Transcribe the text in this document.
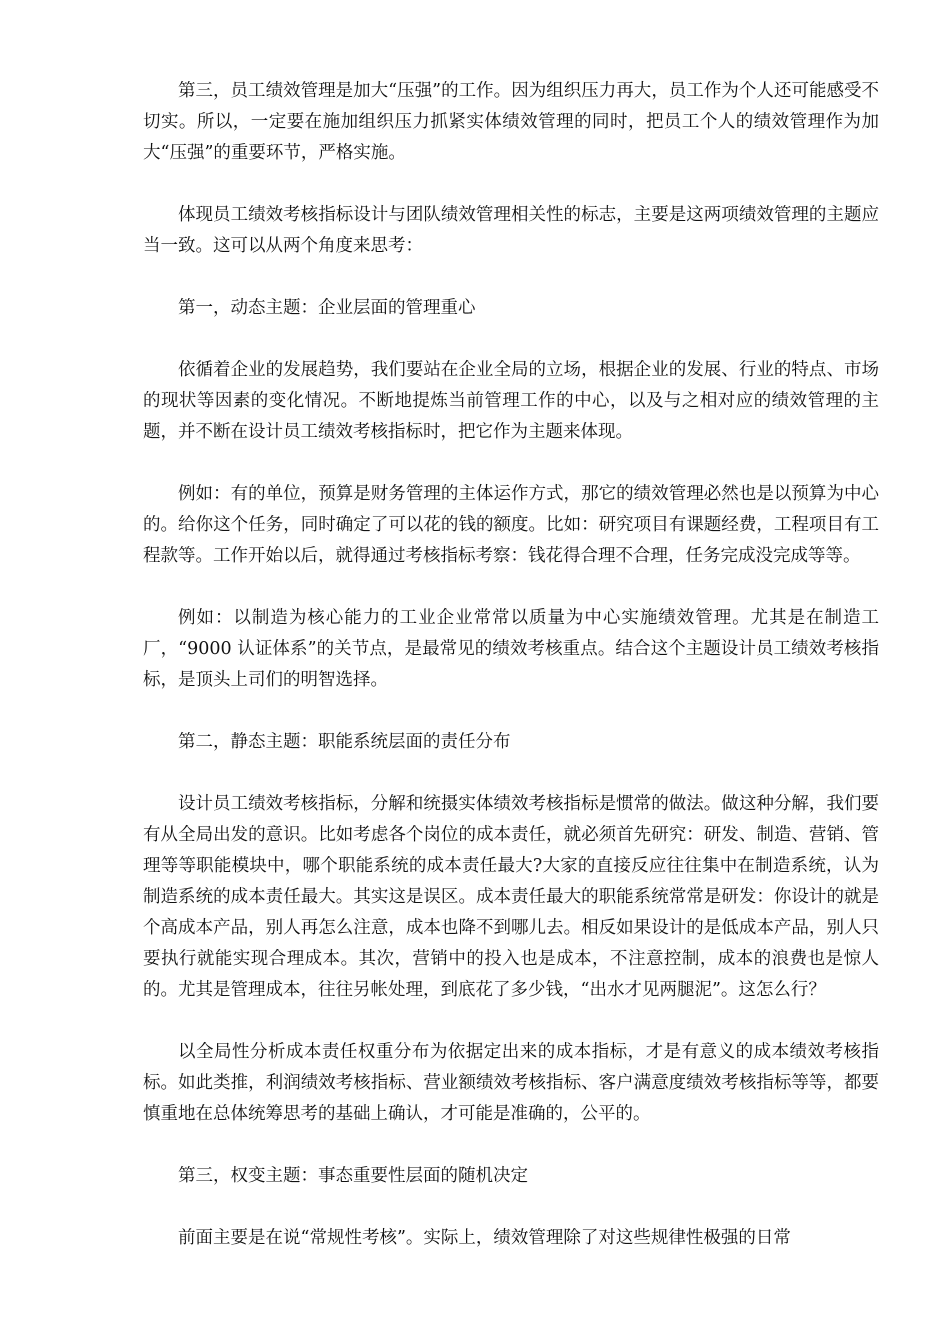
第三，员工绩效管理是加大“压强”的工作。因为组织压力再大，员工作为个人还可能感受不切实。所以，一定要在施加组织压力抓紧实体绩效管理的同时，把员工个人的绩效管理作为加大“压强”的重要环节，严格实施。

体现员工绩效考核指标设计与团队绩效管理相关性的标志，主要是这两项绩效管理的主题应当一致。这可以从两个角度来思考：

第一，动态主题：企业层面的管理重心

依循着企业的发展趋势，我们要站在企业全局的立场，根据企业的发展、行业的特点、市场的现状等因素的变化情况。不断地提炼当前管理工作的中心，以及与之相对应的绩效管理的主题，并不断在设计员工绩效考核指标时，把它作为主题来体现。

例如：有的单位，预算是财务管理的主体运作方式，那它的绩效管理必然也是以预算为中心的。给你这个任务，同时确定了可以花的钱的额度。比如：研究项目有课题经费，工程项目有工程款等。工作开始以后，就得通过考核指标考察：钱花得合理不合理，任务完成没完成等等。

例如：以制造为核心能力的工业企业常常以质量为中心实施绩效管理。尤其是在制造工厂，“9000 认证体系”的关节点，是最常见的绩效考核重点。结合这个主题设计员工绩效考核指标，是顶头上司们的明智选择。

第二，静态主题：职能系统层面的责任分布

设计员工绩效考核指标，分解和统摄实体绩效考核指标是惯常的做法。做这种分解，我们要有从全局出发的意识。比如考虑各个岗位的成本责任，就必须首先研究：研发、制造、营销、管理等等职能模块中，哪个职能系统的成本责任最大?大家的直接反应往往集中在制造系统，认为制造系统的成本责任最大。其实这是误区。成本责任最大的职能系统常常是研发：你设计的就是个高成本产品，别人再怎么注意，成本也降不到哪儿去。相反如果设计的是低成本产品，别人只要执行就能实现合理成本。其次，营销中的投入也是成本，不注意控制，成本的浪费也是惊人的。尤其是管理成本，往往另帐处理，到底花了多少钱，“出水才见两腿泥”。这怎么行？

以全局性分析成本责任权重分布为依据定出来的成本指标，才是有意义的成本绩效考核指标。如此类推，利润绩效考核指标、营业额绩效考核指标、客户满意度绩效考核指标等等，都要慎重地在总体统筹思考的基础上确认，才可能是准确的，公平的。

第三，权变主题：事态重要性层面的随机决定

前面主要是在说“常规性考核”。实际上，绩效管理除了对这些规律性极强的日常
